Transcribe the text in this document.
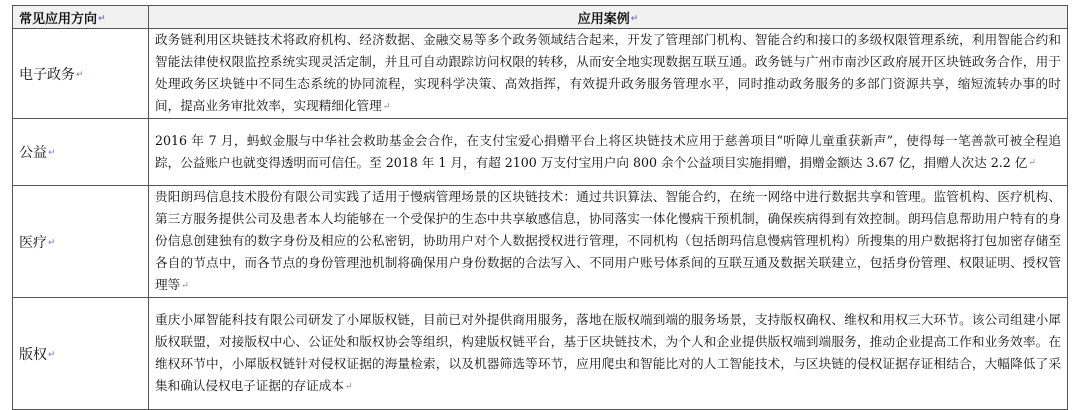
常见应用方向↵	应用案例↵
电子政务↵	政务链利用区块链技术将政府机构、经济数据、金融交易等多个政务领域结合起来，开发了管理部门机构、智能合约和接口的多级权限管理系统，利用智能合约和智能法律使权限监控系统实现灵活定制，并且可自动跟踪访问权限的转移，从而安全地实现数据互联互通。政务链与广州市南沙区政府展开区块链政务合作，用于处理政务区块链中不同生态系统的协同流程，实现科学决策、高效指挥，有效提升政务服务管理水平，同时推动政务服务的多部门资源共享，缩短流转办事的时间，提高业务审批效率，实现精细化管理↵
公益↵	2016 年 7 月，蚂蚁金服与中华社会救助基金会合作，在支付宝爱心捐赠平台上将区块链技术应用于慈善项目“听障儿童重获新声”，使得每一笔善款可被全程追踪，公益账户也就变得透明而可信任。至 2018 年 1 月，有超 2100 万支付宝用户向 800 余个公益项目实施捐赠，捐赠金额达 3.67 亿，捐赠人次达 2.2 亿↵
医疗↵	贵阳朗玛信息技术股份有限公司实践了适用于慢病管理场景的区块链技术：通过共识算法、智能合约，在统一网络中进行数据共享和管理。监管机构、医疗机构、第三方服务提供公司及患者本人均能够在一个受保护的生态中共享敏感信息，协同落实一体化慢病干预机制，确保疾病得到有效控制。朗玛信息帮助用户特有的身份信息创建独有的数字身份及相应的公私密钥，协助用户对个人数据授权进行管理，不同机构（包括朗玛信息慢病管理机构）所搜集的用户数据将打包加密存储至各自的节点中，而各节点的身份管理池机制将确保用户身份数据的合法写入、不同用户账号体系间的互联互通及数据关联建立，包括身份管理、权限证明、授权管理等↵
版权↵	重庆小犀智能科技有限公司研发了小犀版权链，目前已对外提供商用服务，落地在版权端到端的服务场景，支持版权确权、维权和用权三大环节。该公司组建小犀版权联盟，对接版权中心、公证处和版权协会等组织，构建版权链平台，基于区块链技术，为个人和企业提供版权端到端服务，推动企业提高工作和业务效率。在维权环节中，小犀版权链针对侵权证据的海量检索，以及机器筛选等环节，应用爬虫和智能比对的人工智能技术，与区块链的侵权证据存证相结合，大幅降低了采集和确认侵权电子证据的存证成本↵
